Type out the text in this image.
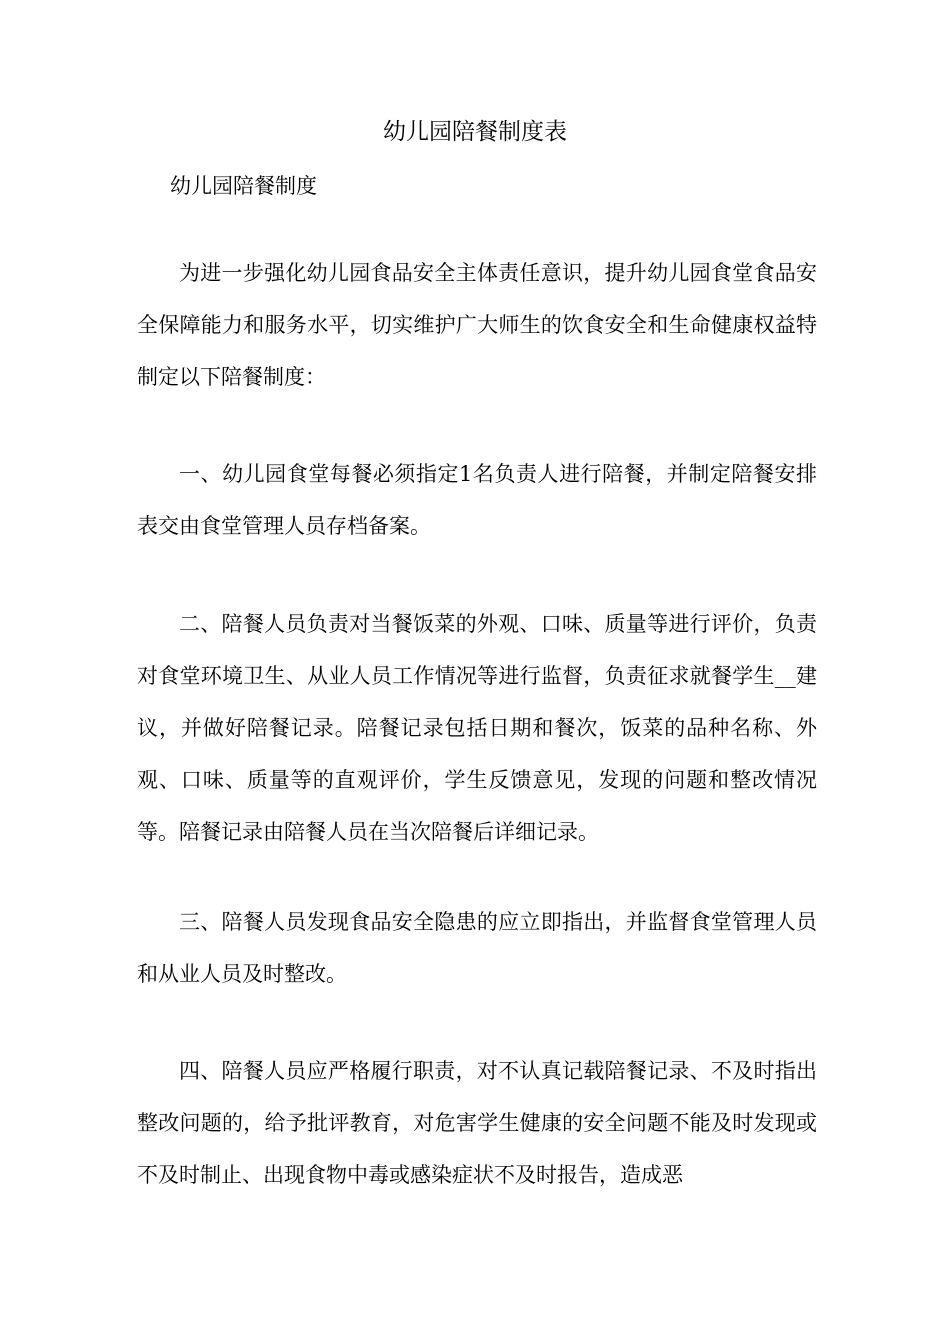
幼儿园陪餐制度表

幼儿园陪餐制度

为进一步强化幼儿园食品安全主体责任意识，提升幼儿园食堂食品安全保障能力和服务水平，切实维护广大师生的饮食安全和生命健康权益特制定以下陪餐制度：

一、幼儿园食堂每餐必须指定1名负责人进行陪餐，并制定陪餐安排表交由食堂管理人员存档备案。

二、陪餐人员负责对当餐饭菜的外观、口味、质量等进行评价，负责对食堂环境卫生、从业人员工作情况等进行监督，负责征求就餐学生__建议，并做好陪餐记录。陪餐记录包括日期和餐次，饭菜的品种名称、外观、口味、质量等的直观评价，学生反馈意见，发现的问题和整改情况等。陪餐记录由陪餐人员在当次陪餐后详细记录。

三、陪餐人员发现食品安全隐患的应立即指出，并监督食堂管理人员和从业人员及时整改。

四、陪餐人员应严格履行职责，对不认真记载陪餐记录、不及时指出整改问题的，给予批评教育，对危害学生健康的安全问题不能及时发现或不及时制止、出现食物中毒或感染症状不及时报告，造成恶
